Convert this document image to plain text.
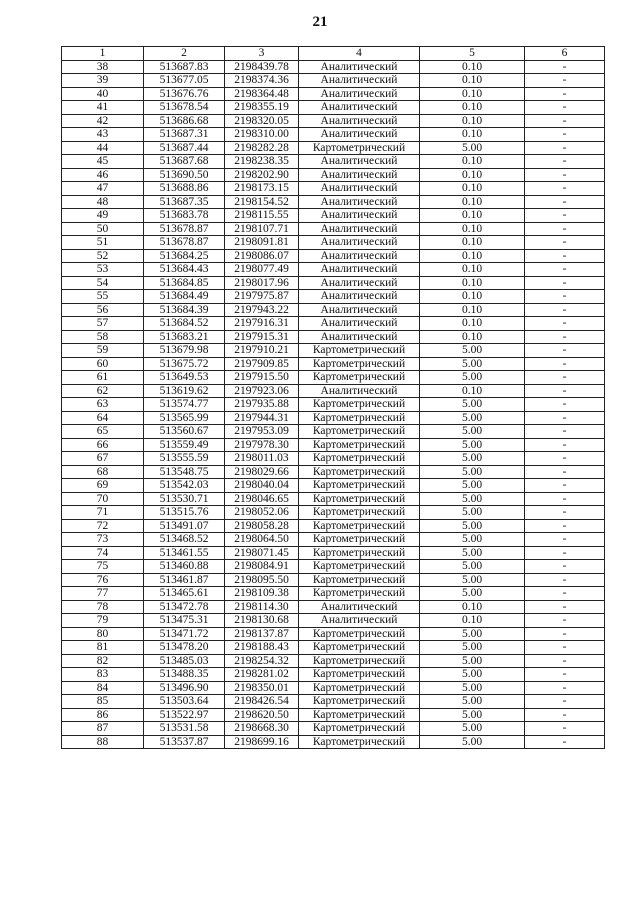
21
1	2	3	4	5	6
38	513687.83	2198439.78	Аналитический	0.10	-
39	513677.05	2198374.36	Аналитический	0.10	-
40	513676.76	2198364.48	Аналитический	0.10	-
41	513678.54	2198355.19	Аналитический	0.10	-
42	513686.68	2198320.05	Аналитический	0.10	-
43	513687.31	2198310.00	Аналитический	0.10	-
44	513687.44	2198282.28	Картометрический	5.00	-
45	513687.68	2198238.35	Аналитический	0.10	-
46	513690.50	2198202.90	Аналитический	0.10	-
47	513688.86	2198173.15	Аналитический	0.10	-
48	513687.35	2198154.52	Аналитический	0.10	-
49	513683.78	2198115.55	Аналитический	0.10	-
50	513678.87	2198107.71	Аналитический	0.10	-
51	513678.87	2198091.81	Аналитический	0.10	-
52	513684.25	2198086.07	Аналитический	0.10	-
53	513684.43	2198077.49	Аналитический	0.10	-
54	513684.85	2198017.96	Аналитический	0.10	-
55	513684.49	2197975.87	Аналитический	0.10	-
56	513684.39	2197943.22	Аналитический	0.10	-
57	513684.52	2197916.31	Аналитический	0.10	-
58	513683.21	2197915.31	Аналитический	0.10	-
59	513679.98	2197910.21	Картометрический	5.00	-
60	513675.72	2197909.85	Картометрический	5.00	-
61	513649.53	2197915.50	Картометрический	5.00	-
62	513619.62	2197923.06	Аналитический	0.10	-
63	513574.77	2197935.88	Картометрический	5.00	-
64	513565.99	2197944.31	Картометрический	5.00	-
65	513560.67	2197953.09	Картометрический	5.00	-
66	513559.49	2197978.30	Картометрический	5.00	-
67	513555.59	2198011.03	Картометрический	5.00	-
68	513548.75	2198029.66	Картометрический	5.00	-
69	513542.03	2198040.04	Картометрический	5.00	-
70	513530.71	2198046.65	Картометрический	5.00	-
71	513515.76	2198052.06	Картометрический	5.00	-
72	513491.07	2198058.28	Картометрический	5.00	-
73	513468.52	2198064.50	Картометрический	5.00	-
74	513461.55	2198071.45	Картометрический	5.00	-
75	513460.88	2198084.91	Картометрический	5.00	-
76	513461.87	2198095.50	Картометрический	5.00	-
77	513465.61	2198109.38	Картометрический	5.00	-
78	513472.78	2198114.30	Аналитический	0.10	-
79	513475.31	2198130.68	Аналитический	0.10	-
80	513471.72	2198137.87	Картометрический	5.00	-
81	513478.20	2198188.43	Картометрический	5.00	-
82	513485.03	2198254.32	Картометрический	5.00	-
83	513488.35	2198281.02	Картометрический	5.00	-
84	513496.90	2198350.01	Картометрический	5.00	-
85	513503.64	2198426.54	Картометрический	5.00	-
86	513522.97	2198620.50	Картометрический	5.00	-
87	513531.58	2198668.30	Картометрический	5.00	-
88	513537.87	2198699.16	Картометрический	5.00	-
